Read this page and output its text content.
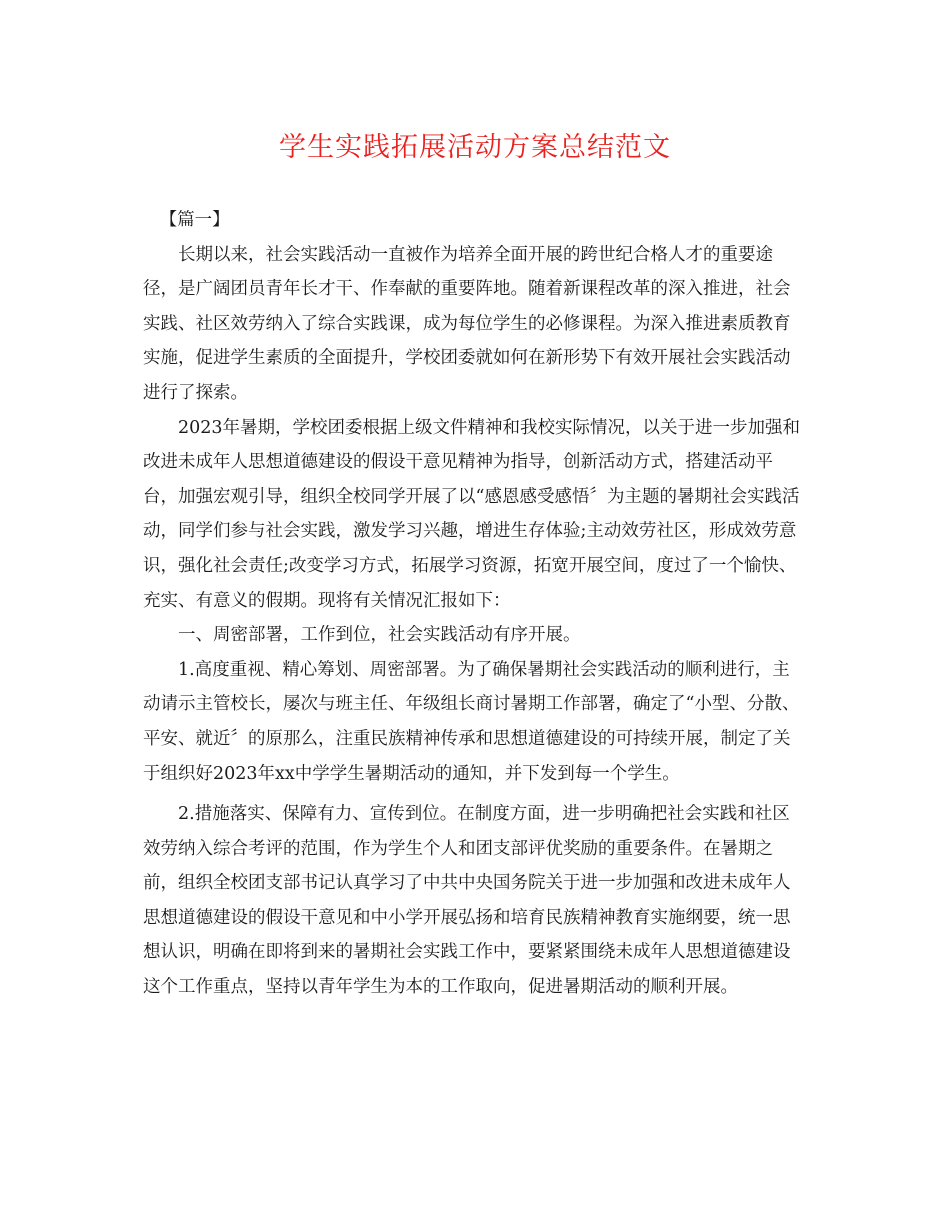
学生实践拓展活动方案总结范文
【篇一】

长期以来，社会实践活动一直被作为培养全面开展的跨世纪合格人才的重要途径，是广阔团员青年长才干、作奉献的重要阵地。随着新课程改革的深入推进，社会实践、社区效劳纳入了综合实践课，成为每位学生的必修课程。为深入推进素质教育实施，促进学生素质的全面提升，学校团委就如何在新形势下有效开展社会实践活动进行了探索。

2023年暑期，学校团委根据上级文件精神和我校实际情况，以关于进一步加强和改进未成年人思想道德建设的假设干意见精神为指导，创新活动方式，搭建活动平台，加强宏观引导，组织全校同学开展了以“感恩感受感悟〞为主题的暑期社会实践活动，同学们参与社会实践，激发学习兴趣，增进生存体验;主动效劳社区，形成效劳意识，强化社会责任;改变学习方式，拓展学习资源，拓宽开展空间，度过了一个愉快、充实、有意义的假期。现将有关情况汇报如下：

一、周密部署，工作到位，社会实践活动有序开展。

1.高度重视、精心筹划、周密部署。为了确保暑期社会实践活动的顺利进行，主动请示主管校长，屡次与班主任、年级组长商讨暑期工作部署，确定了“小型、分散、平安、就近〞的原那么，注重民族精神传承和思想道德建设的可持续开展，制定了关于组织好2023年xx中学学生暑期活动的通知，并下发到每一个学生。

2.措施落实、保障有力、宣传到位。在制度方面，进一步明确把社会实践和社区效劳纳入综合考评的范围，作为学生个人和团支部评优奖励的重要条件。在暑期之前，组织全校团支部书记认真学习了中共中央国务院关于进一步加强和改进未成年人思想道德建设的假设干意见和中小学开展弘扬和培育民族精神教育实施纲要，统一思想认识，明确在即将到来的暑期社会实践工作中，要紧紧围绕未成年人思想道德建设这个工作重点，坚持以青年学生为本的工作取向，促进暑期活动的顺利开展。
